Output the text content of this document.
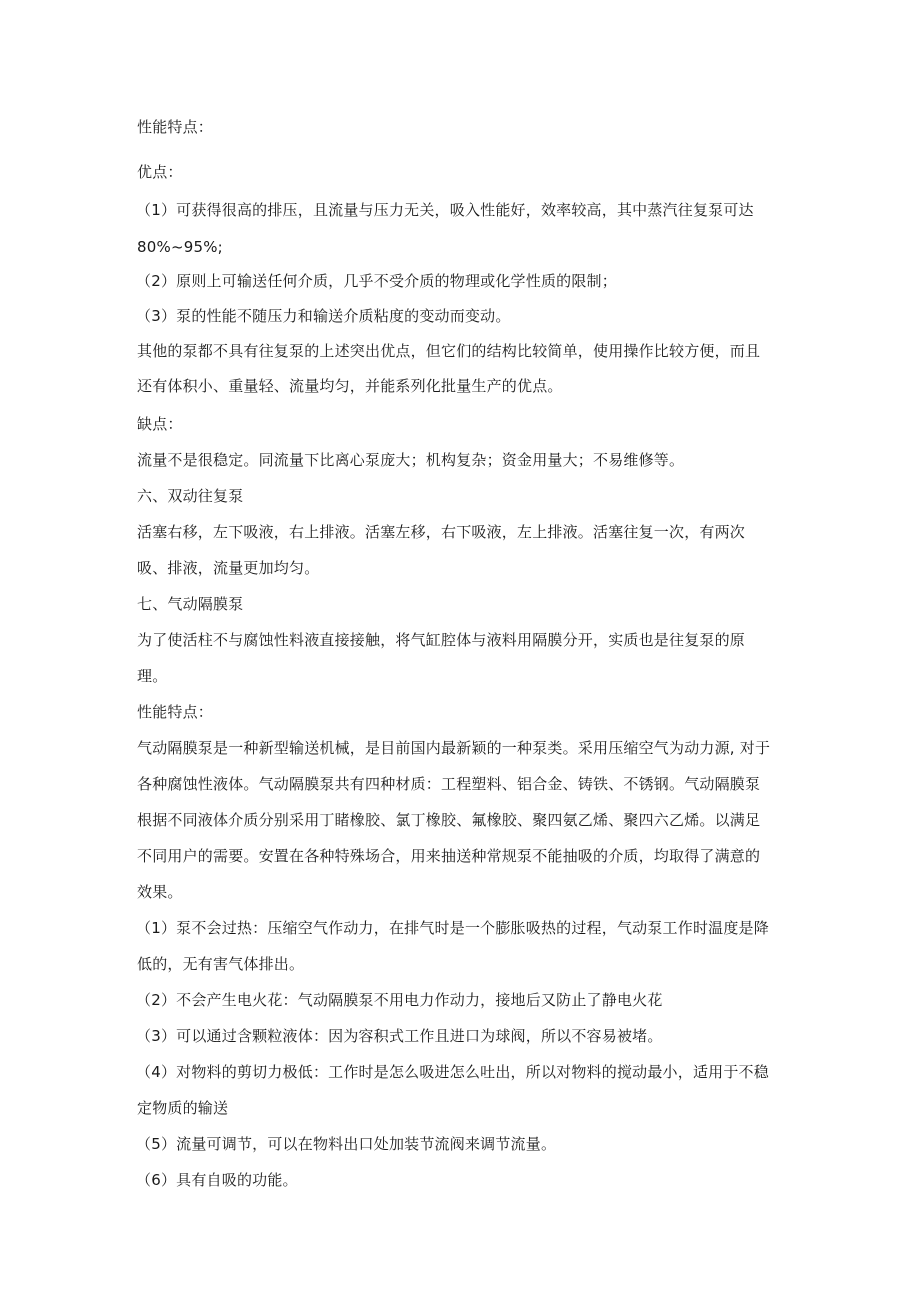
性能特点：
优点：
（1）可获得很高的排压，且流量与压力无关，吸入性能好，效率较高，其中蒸汽往复泵可达
80%~95%;
（2）原则上可输送任何介质，几乎不受介质的物理或化学性质的限制；
（3）泵的性能不随压力和输送介质粘度的变动而变动。
其他的泵都不具有往复泵的上述突出优点，但它们的结构比较简单，使用操作比较方便，而且
还有体积小、重量轻、流量均匀，并能系列化批量生产的优点。
缺点：
流量不是很稳定。同流量下比离心泵庞大；机构复杂；资金用量大；不易维修等。
六、双动往复泵
活塞右移，左下吸液，右上排液。活塞左移，右下吸液，左上排液。活塞往复一次，有两次
吸、排液，流量更加均匀。
七、气动隔膜泵
为了使活柱不与腐蚀性料液直接接触，将气缸腔体与液料用隔膜分开，实质也是往复泵的原
理。
性能特点：
气动隔膜泵是一种新型输送机械，是目前国内最新颖的一种泵类。采用压缩空气为动力源, 对于
各种腐蚀性液体。气动隔膜泵共有四种材质：工程塑料、铝合金、铸铁、不锈钢。气动隔膜泵
根据不同液体介质分别采用丁睹橡胶、氯丁橡胶、氟橡胶、聚四氨乙烯、聚四六乙烯。以满足
不同用户的需要。安置在各种特殊场合，用来抽送种常规泵不能抽吸的介质，均取得了满意的
效果。
（1）泵不会过热：压缩空气作动力，在排气时是一个膨胀吸热的过程，气动泵工作时温度是降
低的，无有害气体排出。
（2）不会产生电火花：气动隔膜泵不用电力作动力，接地后又防止了静电火花
（3）可以通过含颗粒液体：因为容积式工作且进口为球阀，所以不容易被堵。
（4）对物料的剪切力极低：工作时是怎么吸进怎么吐出，所以对物料的搅动最小，适用于不稳
定物质的输送
（5）流量可调节，可以在物料出口处加装节流阀来调节流量。
（6）具有自吸的功能。
